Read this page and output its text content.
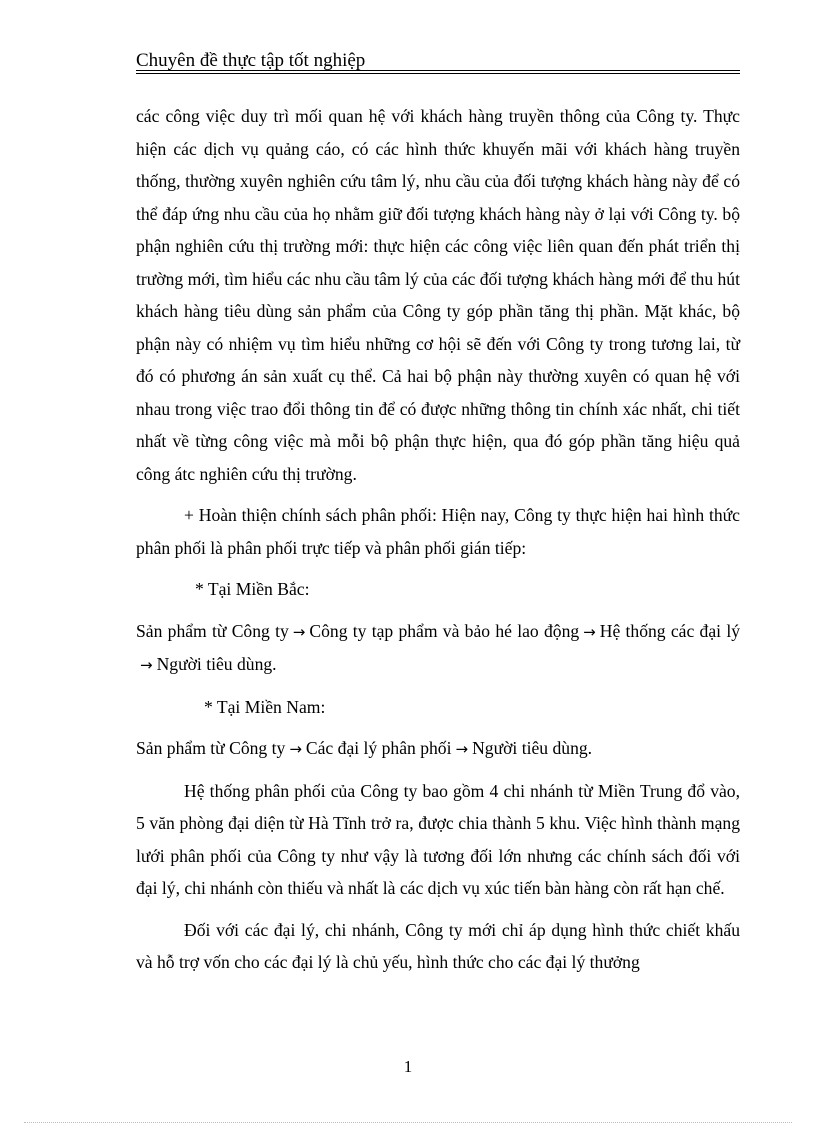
Chuyên đề thực tập tốt nghiệp

các công việc duy trì mối quan hệ với khách hàng truyền thông của Công ty. Thực hiện các dịch vụ quảng cáo, có các hình thức khuyến mãi với khách hàng truyền thống, thường xuyên nghiên cứu tâm lý, nhu cầu của đối tượng khách hàng này để có thể đáp ứng nhu cầu của họ nhằm giữ đối tượng khách hàng này ở lại với Công ty. bộ phận nghiên cứu thị trường mới: thực hiện các công việc liên quan đến phát triển thị trường mới, tìm hiểu các nhu cầu tâm lý của các đối tượng khách hàng mới để thu hút khách hàng tiêu dùng sản phẩm của Công ty góp phần tăng thị phần. Mặt khác, bộ phận này có nhiệm vụ tìm hiểu những cơ hội sẽ đến với Công ty trong tương lai, từ đó có phương án sản xuất cụ thể. Cả hai bộ phận này thường xuyên có quan hệ với nhau trong việc trao đổi thông tin để có được những thông tin chính xác nhất, chi tiết nhất về từng công việc mà mỗi bộ phận thực hiện, qua đó góp phần tăng hiệu quả công átc nghiên cứu thị trường.

+ Hoàn thiện chính sách phân phối: Hiện nay, Công ty thực hiện hai hình thức phân phối là phân phối trực tiếp và phân phối gián tiếp:

* Tại Miền Bắc:

Sản phẩm từ Công ty → Công ty tạp phẩm và bảo hé lao động → Hệ thống các đại lý→ Người tiêu dùng.

* Tại Miền Nam:

Sản phẩm từ Công ty → Các đại lý phân phối → Người tiêu dùng.

Hệ thống phân phối của Công ty bao gồm 4 chi nhánh từ Miền Trung đổ vào, 5 văn phòng đại diện từ Hà Tĩnh trở ra, được chia thành 5 khu. Việc hình thành mạng lưới phân phối của Công ty như vậy là tương đối lớn nhưng các chính sách đối với đại lý, chi nhánh còn thiếu và nhất là các dịch vụ xúc tiến bàn hàng còn rất hạn chế.

Đối với các đại lý, chi nhánh, Công ty mới chỉ áp dụng hình thức chiết khấu và hỗ trợ vốn cho các đại lý là chủ yếu, hình thức cho các đại lý thưởng

1
